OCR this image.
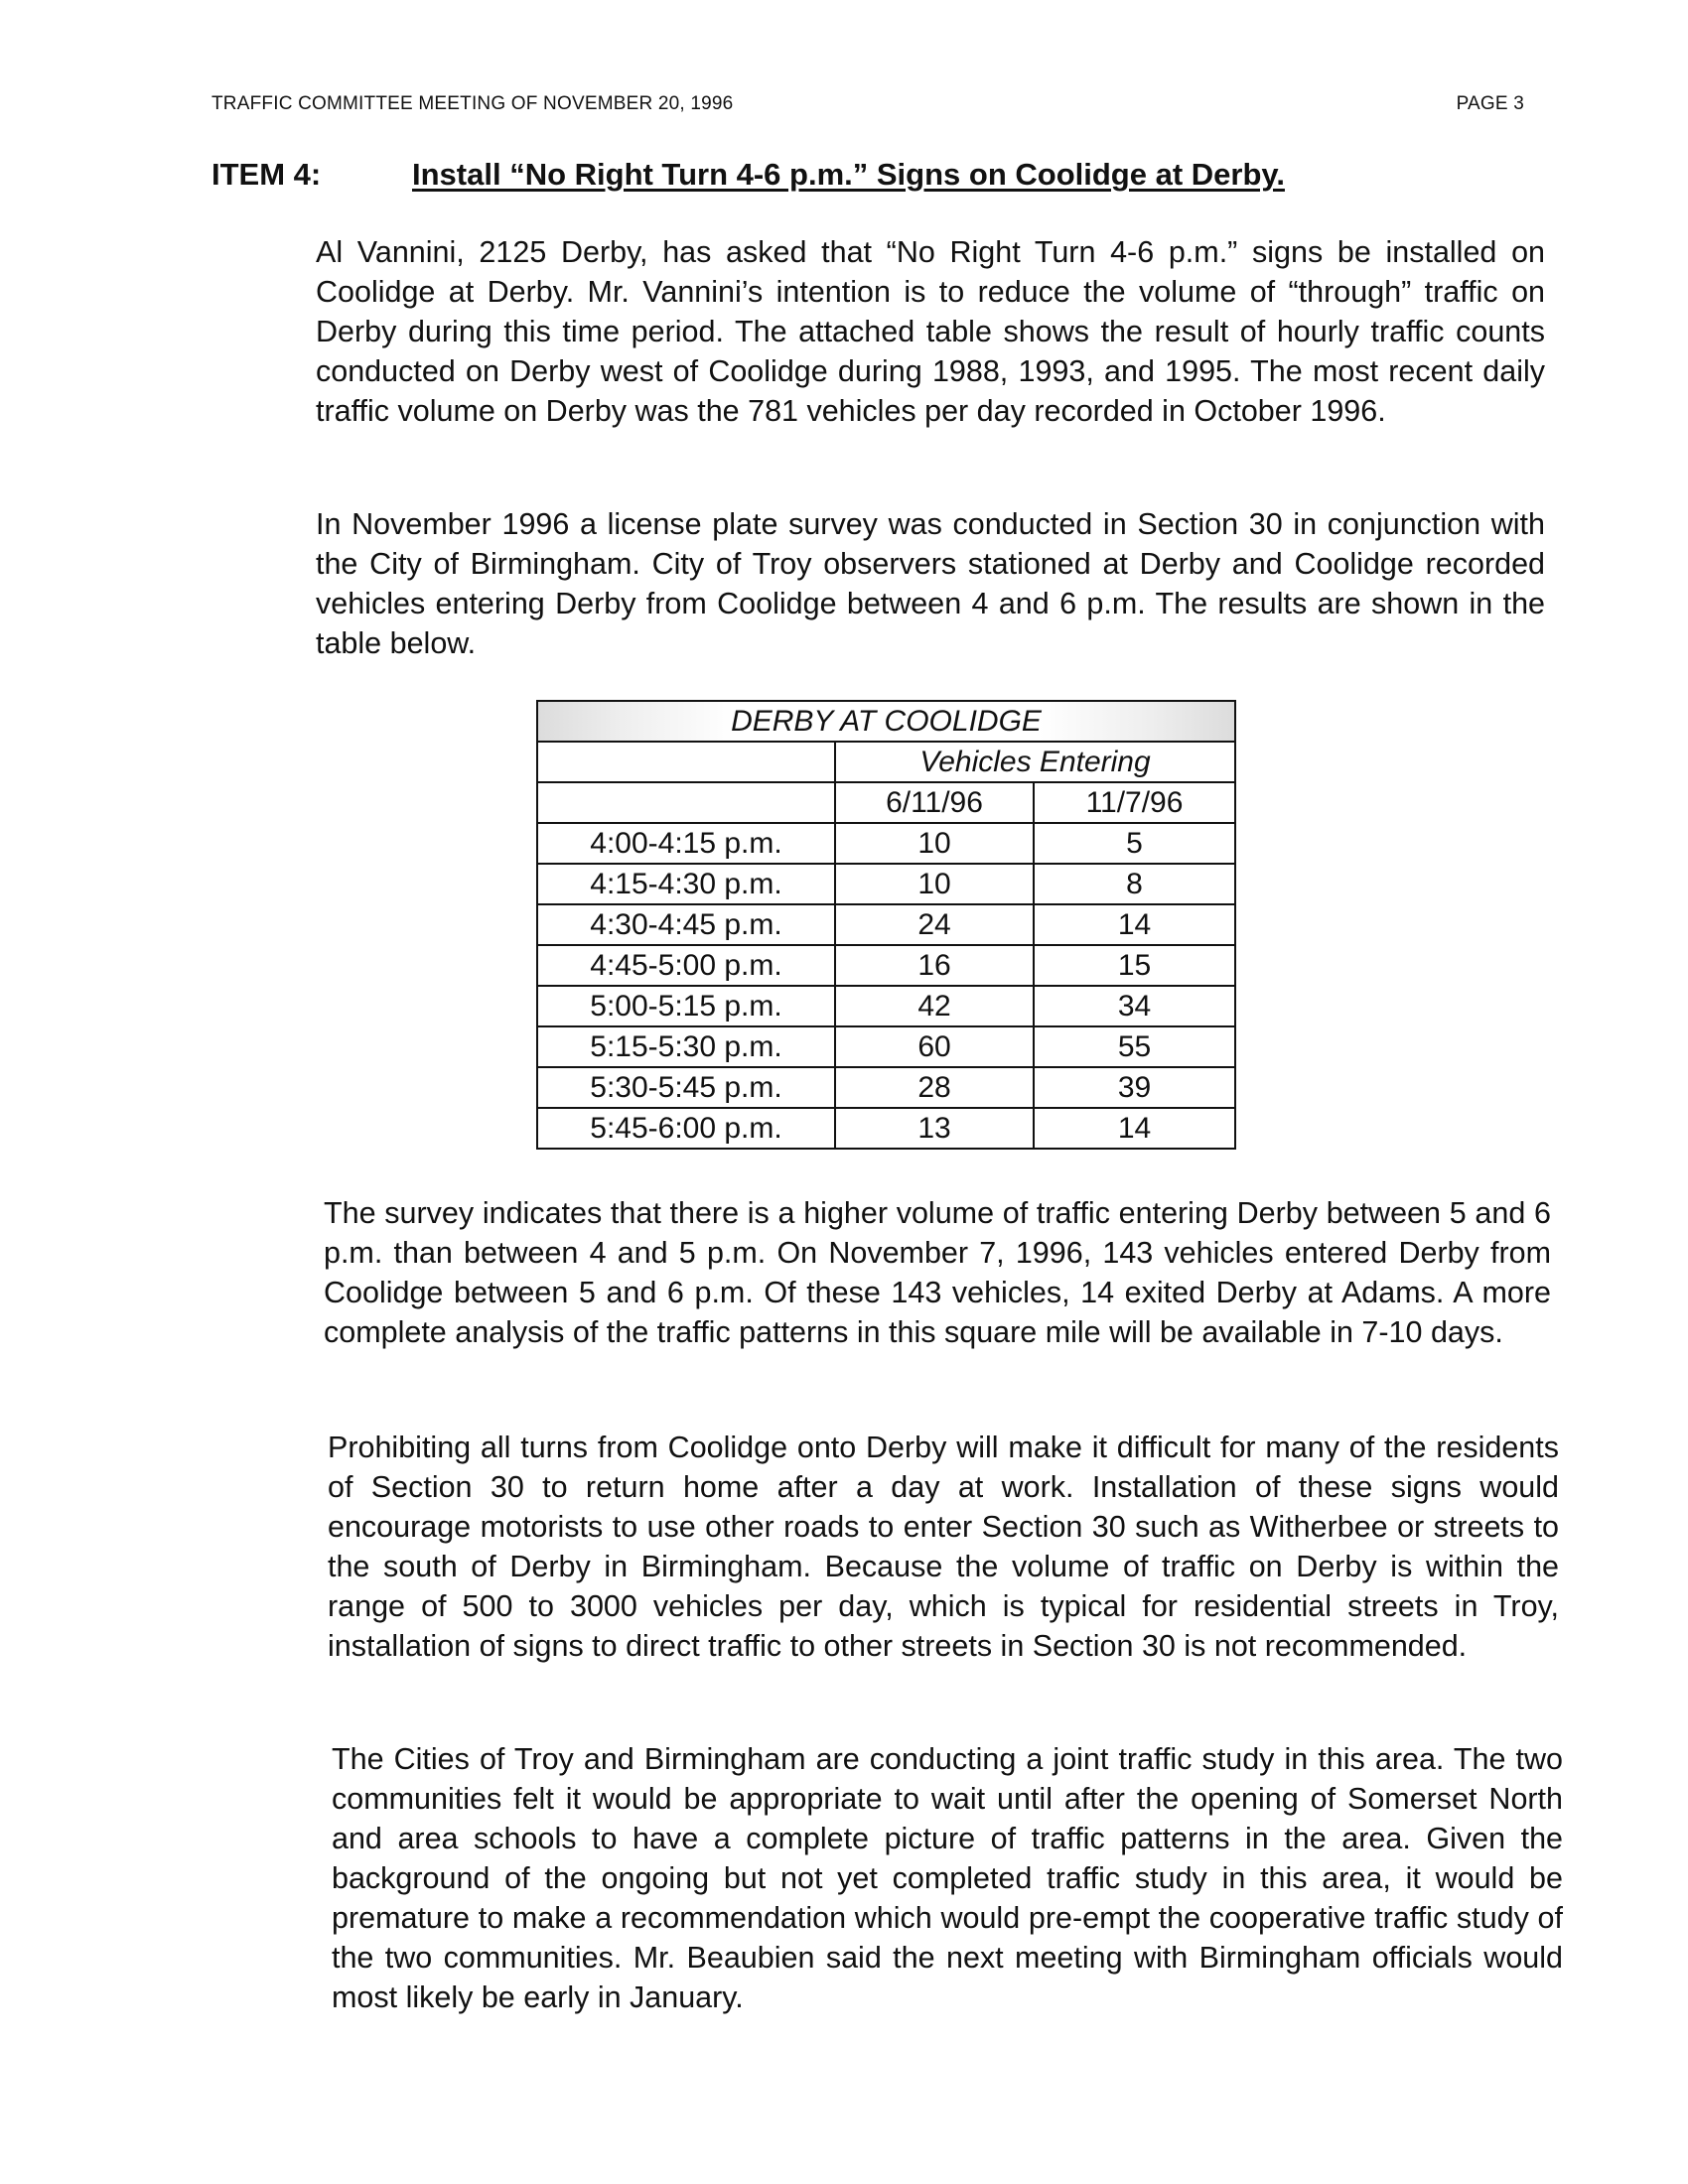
TRAFFIC COMMITTEE MEETING OF NOVEMBER 20, 1996	PAGE 3
ITEM 4:	Install “No Right Turn 4-6 p.m.” Signs on Coolidge at Derby.

Al Vannini, 2125 Derby, has asked that “No Right Turn 4-6 p.m.” signs be installed on Coolidge at Derby. Mr. Vannini’s intention is to reduce the volume of “through” traffic on Derby during this time period. The attached table shows the result of hourly traffic counts conducted on Derby west of Coolidge during 1988, 1993, and 1995. The most recent daily traffic volume on Derby was the 781 vehicles per day recorded in October 1996.

In November 1996 a license plate survey was conducted in Section 30 in conjunction with the City of Birmingham. City of Troy observers stationed at Derby and Coolidge recorded vehicles entering Derby from Coolidge between 4 and 6 p.m. The results are shown in the table below.

DERBY AT COOLIDGE		
	Vehicles Entering	
	6/11/96	11/7/96
4:00-4:15 p.m.	10	5
4:15-4:30 p.m.	10	8
4:30-4:45 p.m.	24	14
4:45-5:00 p.m.	16	15
5:00-5:15 p.m.	42	34
5:15-5:30 p.m.	60	55
5:30-5:45 p.m.	28	39
5:45-6:00 p.m.	13	14

The survey indicates that there is a higher volume of traffic entering Derby between 5 and 6 p.m. than between 4 and 5 p.m. On November 7, 1996, 143 vehicles entered Derby from Coolidge between 5 and 6 p.m. Of these 143 vehicles, 14 exited Derby at Adams. A more complete analysis of the traffic patterns in this square mile will be available in 7-10 days.

Prohibiting all turns from Coolidge onto Derby will make it difficult for many of the residents of Section 30 to return home after a day at work. Installation of these signs would encourage motorists to use other roads to enter Section 30 such as Witherbee or streets to the south of Derby in Birmingham. Because the volume of traffic on Derby is within the range of 500 to 3000 vehicles per day, which is typical for residential streets in Troy, installation of signs to direct traffic to other streets in Section 30 is not recommended.

The Cities of Troy and Birmingham are conducting a joint traffic study in this area. The two communities felt it would be appropriate to wait until after the opening of Somerset North and area schools to have a complete picture of traffic patterns in the area. Given the background of the ongoing but not yet completed traffic study in this area, it would be premature to make a recommendation which would pre-empt the cooperative traffic study of the two communities. Mr. Beaubien said the next meeting with Birmingham officials would most likely be early in January.
